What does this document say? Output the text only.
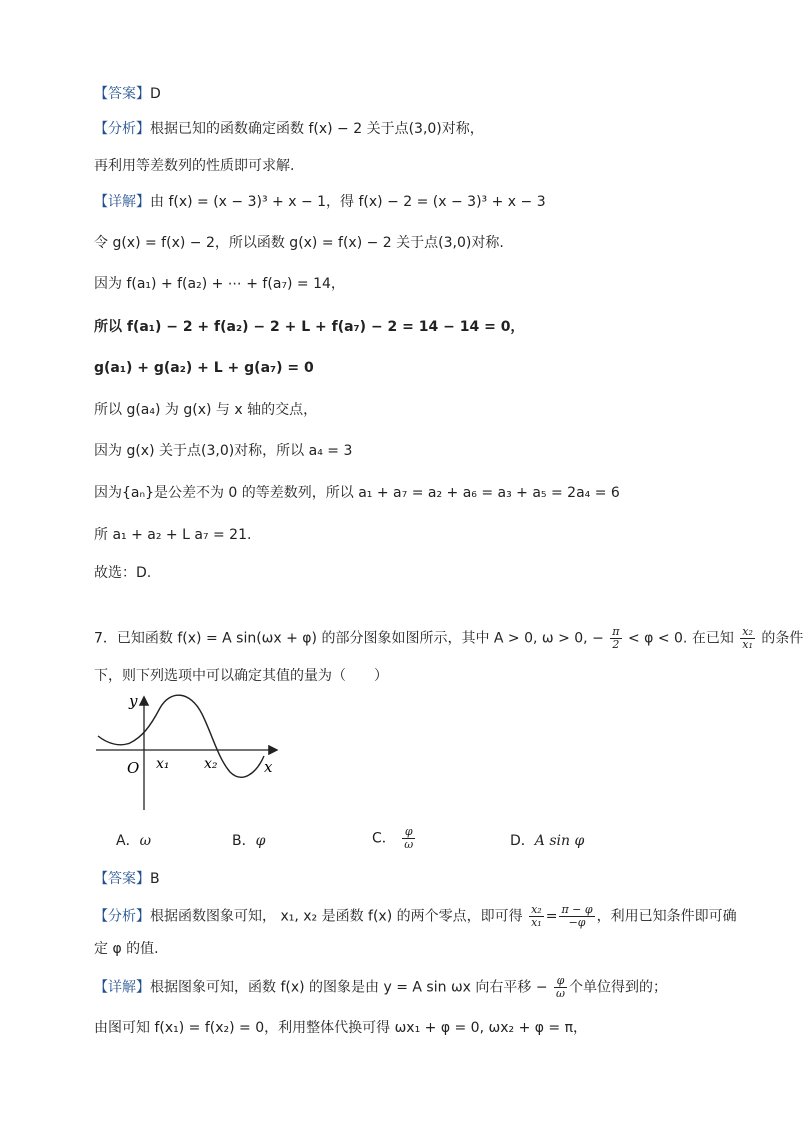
【答案】D
【分析】根据已知的函数确定函数 f(x) − 2 关于点(3,0)对称，
再利用等差数列的性质即可求解.
【详解】由 f(x) = (x − 3)³ + x − 1，得 f(x) − 2 = (x − 3)³ + x − 3
令 g(x) = f(x) − 2，所以函数 g(x) = f(x) − 2 关于点(3,0)对称.
因为 f(a₁) + f(a₂) + ⋯ + f(a₇) = 14，
所以 f(a₁) − 2 + f(a₂) − 2 + L + f(a₇) − 2 = 14 − 14 = 0，
g(a₁) + g(a₂) + L + g(a₇) = 0
所以 g(a₄) 为 g(x) 与 x 轴的交点，
因为 g(x) 关于点(3,0)对称，所以 a₄ = 3
因为{aₙ}是公差不为 0 的等差数列，所以 a₁ + a₇ = a₂ + a₆ = a₃ + a₅ = 2a₄ = 6
所 a₁ + a₂ + L a₇ = 21.
故选：D.
7．已知函数 f(x) = A sin(ωx + φ) 的部分图象如图所示，其中 A > 0, ω > 0, − $\frac{\pi}{2} < \varphi < 0$. 在已知 $\frac{\text{x₂}}{\text{x₁}}$ 的条件
下，则下列选项中可以确定其值的量为（　　）
y
O x₁ x₂	x
A．ω	B．φ	C． $\frac{\varphi}{\omega}$	D．A sin φ
【答案】B
【分析】根据函数图象可知， x₁, x₂ 是函数 f(x) 的两个零点，即可得 $\frac{\text{x₂}}{\text{x₁}} = \frac{\pi - \varphi}{-\varphi}$ ，利用已知条件即可确
定 φ 的值.
【详解】根据图象可知，函数 f(x) 的图象是由 y = A sin ωx 向右平移 − $\frac{\varphi}{\omega}$ 个单位得到的；
由图可知 f(x₁) = f(x₂) = 0，利用整体代换可得 ωx₁ + φ = 0, ωx₂ + φ = π，
